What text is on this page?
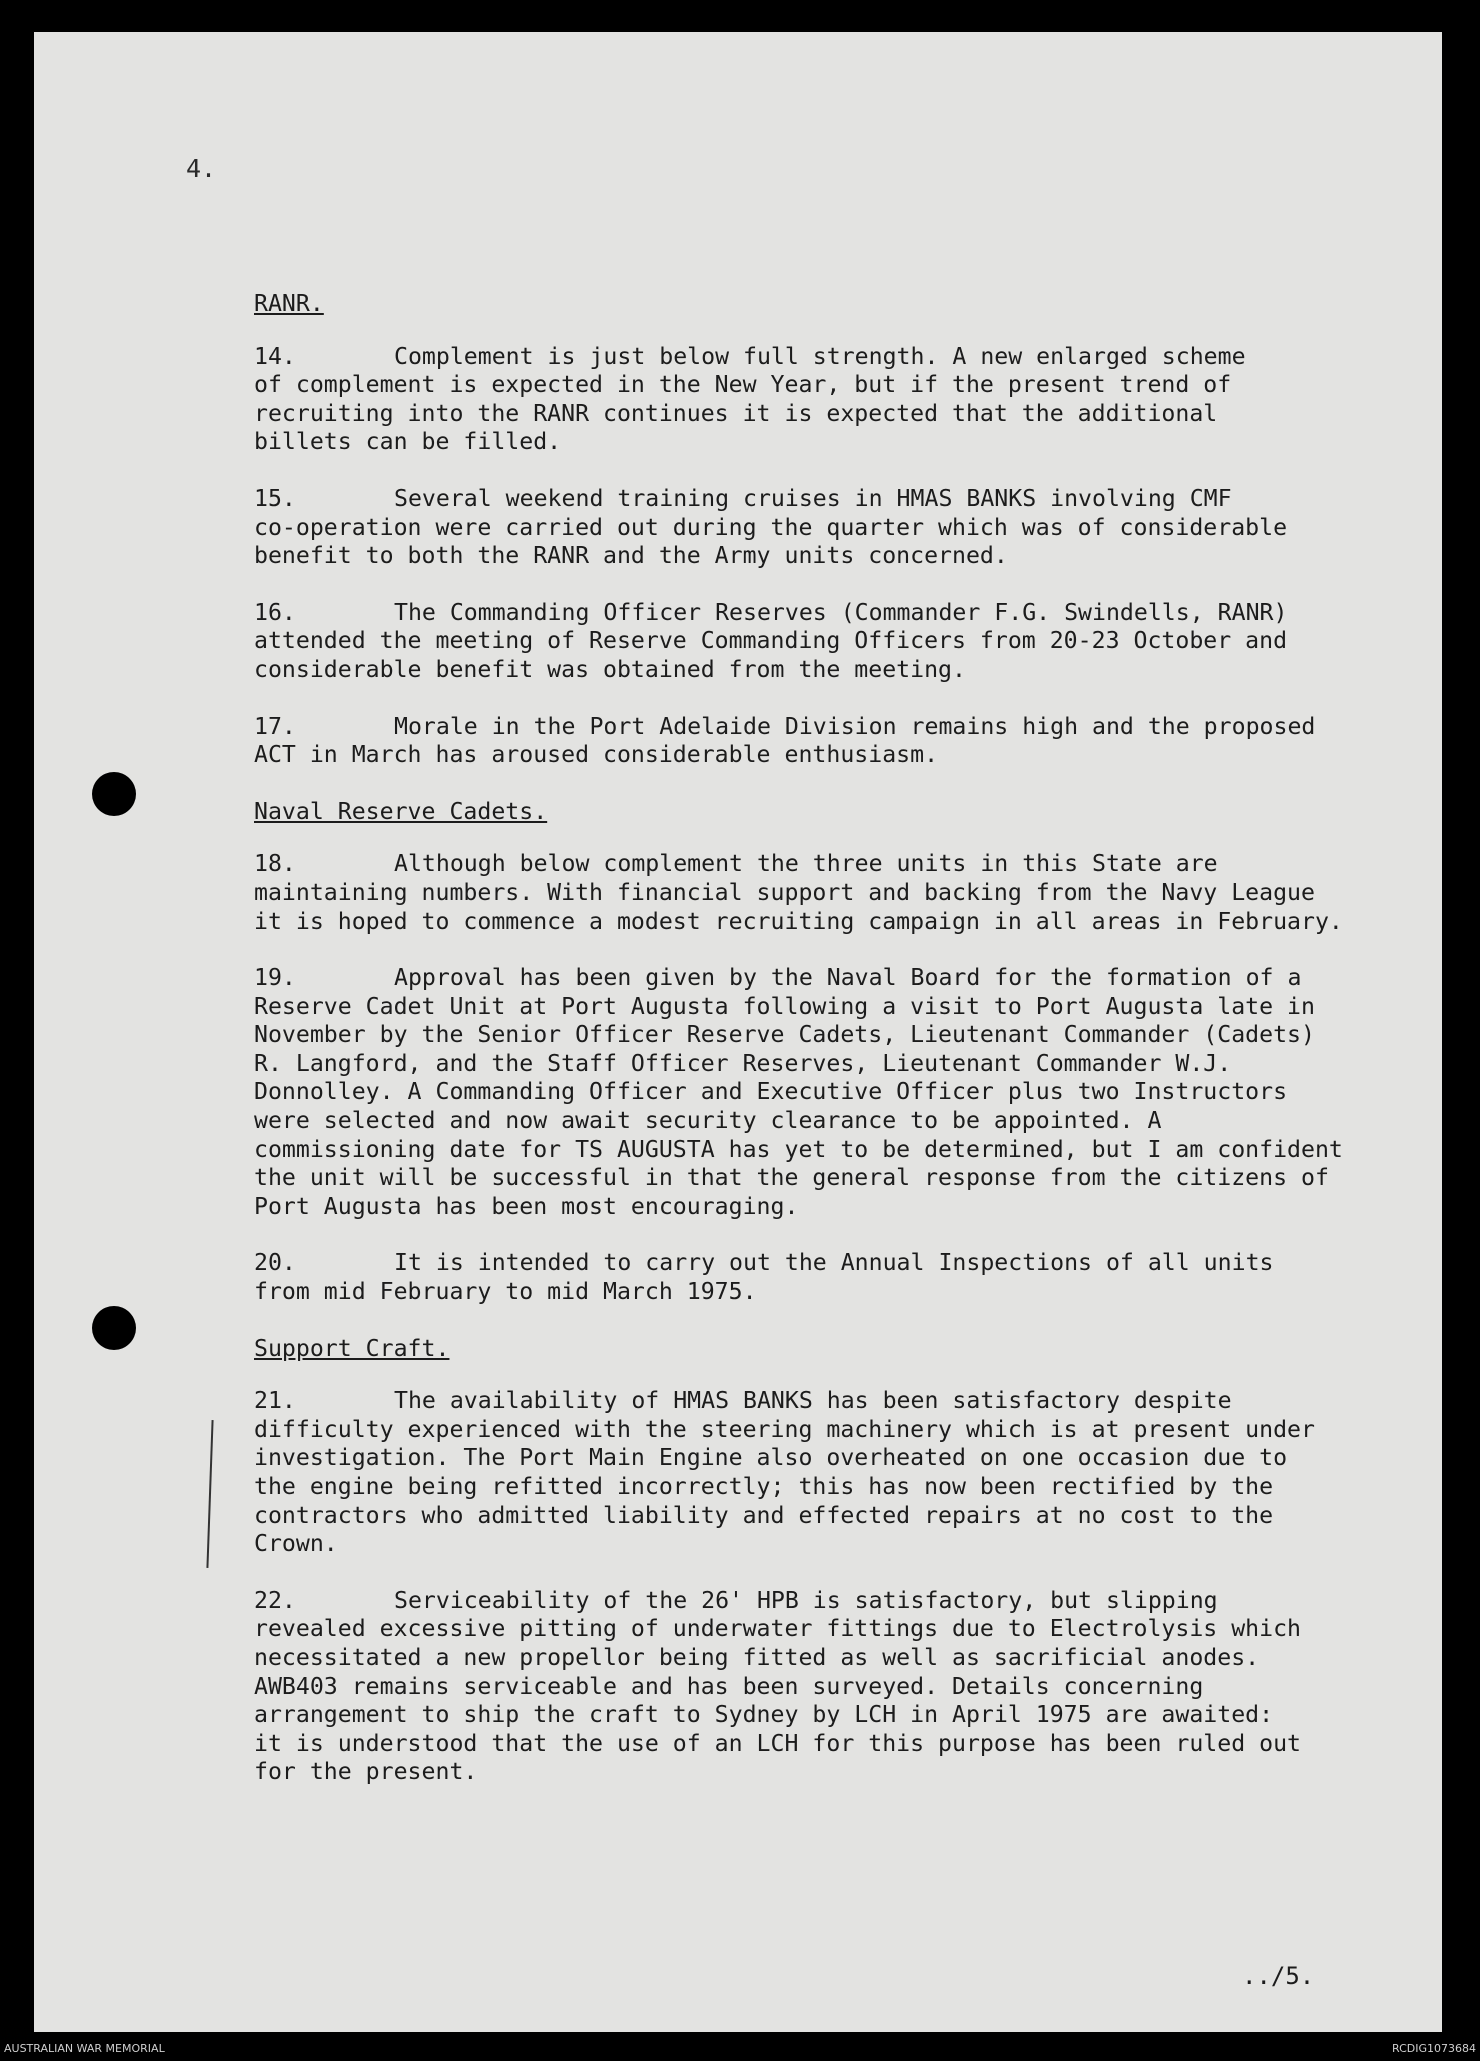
4.
RANR.
14.	Complement is just below full strength. A new enlarged scheme
of complement is expected in the New Year, but if the present trend of
recruiting into the RANR continues it is expected that the additional
billets can be filled.
15.	Several weekend training cruises in HMAS BANKS involving CMF
co-operation were carried out during the quarter which was of considerable
benefit to both the RANR and the Army units concerned.
16.	The Commanding Officer Reserves (Commander F.G. Swindells, RANR)
attended the meeting of Reserve Commanding Officers from 20-23 October and
considerable benefit was obtained from the meeting.
17.	Morale in the Port Adelaide Division remains high and the proposed
ACT in March has aroused considerable enthusiasm.
Naval Reserve Cadets.
18.	Although below complement the three units in this State are
maintaining numbers. With financial support and backing from the Navy League
it is hoped to commence a modest recruiting campaign in all areas in February.
19.	Approval has been given by the Naval Board for the formation of a
Reserve Cadet Unit at Port Augusta following a visit to Port Augusta late in
November by the Senior Officer Reserve Cadets, Lieutenant Commander (Cadets)
R. Langford, and the Staff Officer Reserves, Lieutenant Commander W.J.
Donnolley. A Commanding Officer and Executive Officer plus two Instructors
were selected and now await security clearance to be appointed. A
commissioning date for TS AUGUSTA has yet to be determined, but I am confident
the unit will be successful in that the general response from the citizens of
Port Augusta has been most encouraging.
20.	It is intended to carry out the Annual Inspections of all units
from mid February to mid March 1975.
Support Craft.
21.	The availability of HMAS BANKS has been satisfactory despite
difficulty experienced with the steering machinery which is at present under
investigation. The Port Main Engine also overheated on one occasion due to
the engine being refitted incorrectly; this has now been rectified by the
contractors who admitted liability and effected repairs at no cost to the
Crown.
22.	Serviceability of the 26' HPB is satisfactory, but slipping
revealed excessive pitting of underwater fittings due to Electrolysis which
necessitated a new propellor being fitted as well as sacrificial anodes.
AWB403 remains serviceable and has been surveyed. Details concerning
arrangement to ship the craft to Sydney by LCH in April 1975 are awaited:
it is understood that the use of an LCH for this purpose has been ruled out
for the present.
../5.
AUSTRALIAN WAR MEMORIAL	RCDIG1073684
